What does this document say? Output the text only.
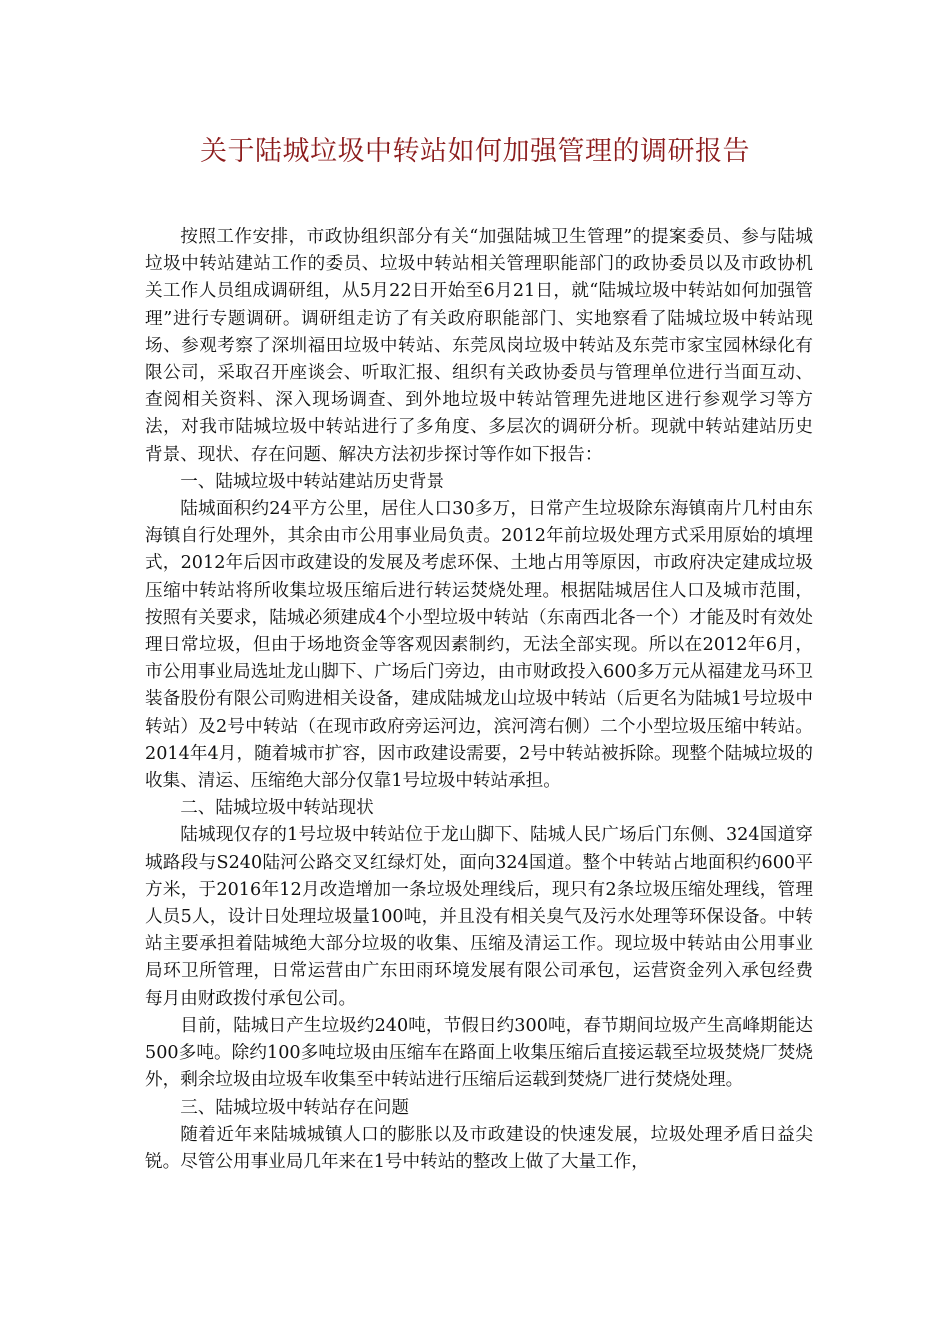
关于陆城垃圾中转站如何加强管理的调研报告

按照工作安排，市政协组织部分有关“加强陆城卫生管理”的提案委员、参与陆城垃圾中转站建站工作的委员、垃圾中转站相关管理职能部门的政协委员以及市政协机关工作人员组成调研组，从5月22日开始至6月21日，就“陆城垃圾中转站如何加强管理”进行专题调研。调研组走访了有关政府职能部门、实地察看了陆城垃圾中转站现场、参观考察了深圳福田垃圾中转站、东莞凤岗垃圾中转站及东莞市家宝园林绿化有限公司，采取召开座谈会、听取汇报、组织有关政协委员与管理单位进行当面互动、查阅相关资料、深入现场调查、到外地垃圾中转站管理先进地区进行参观学习等方法，对我市陆城垃圾中转站进行了多角度、多层次的调研分析。现就中转站建站历史背景、现状、存在问题、解决方法初步探讨等作如下报告：

一、陆城垃圾中转站建站历史背景

陆城面积约24平方公里，居住人口30多万，日常产生垃圾除东海镇南片几村由东海镇自行处理外，其余由市公用事业局负责。2012年前垃圾处理方式采用原始的填埋式，2012年后因市政建设的发展及考虑环保、土地占用等原因，市政府决定建成垃圾压缩中转站将所收集垃圾压缩后进行转运焚烧处理。根据陆城居住人口及城市范围，按照有关要求，陆城必须建成4个小型垃圾中转站（东南西北各一个）才能及时有效处理日常垃圾，但由于场地资金等客观因素制约，无法全部实现。所以在2012年6月，市公用事业局选址龙山脚下、广场后门旁边，由市财政投入600多万元从福建龙马环卫装备股份有限公司购进相关设备，建成陆城龙山垃圾中转站（后更名为陆城1号垃圾中转站）及2号中转站（在现市政府旁运河边，滨河湾右侧）二个小型垃圾压缩中转站。2014年4月，随着城市扩容，因市政建设需要，2号中转站被拆除。现整个陆城垃圾的收集、清运、压缩绝大部分仅靠1号垃圾中转站承担。

二、陆城垃圾中转站现状

陆城现仅存的1号垃圾中转站位于龙山脚下、陆城人民广场后门东侧、324国道穿城路段与S240陆河公路交叉红绿灯处，面向324国道。整个中转站占地面积约600平方米，于2016年12月改造增加一条垃圾处理线后，现只有2条垃圾压缩处理线，管理人员5人，设计日处理垃圾量100吨，并且没有相关臭气及污水处理等环保设备。中转站主要承担着陆城绝大部分垃圾的收集、压缩及清运工作。现垃圾中转站由公用事业局环卫所管理，日常运营由广东田雨环境发展有限公司承包，运营资金列入承包经费每月由财政拨付承包公司。

目前，陆城日产生垃圾约240吨，节假日约300吨，春节期间垃圾产生高峰期能达500多吨。除约100多吨垃圾由压缩车在路面上收集压缩后直接运载至垃圾焚烧厂焚烧外，剩余垃圾由垃圾车收集至中转站进行压缩后运载到焚烧厂进行焚烧处理。

三、陆城垃圾中转站存在问题

随着近年来陆城城镇人口的膨胀以及市政建设的快速发展，垃圾处理矛盾日益尖锐。尽管公用事业局几年来在1号中转站的整改上做了大量工作，
